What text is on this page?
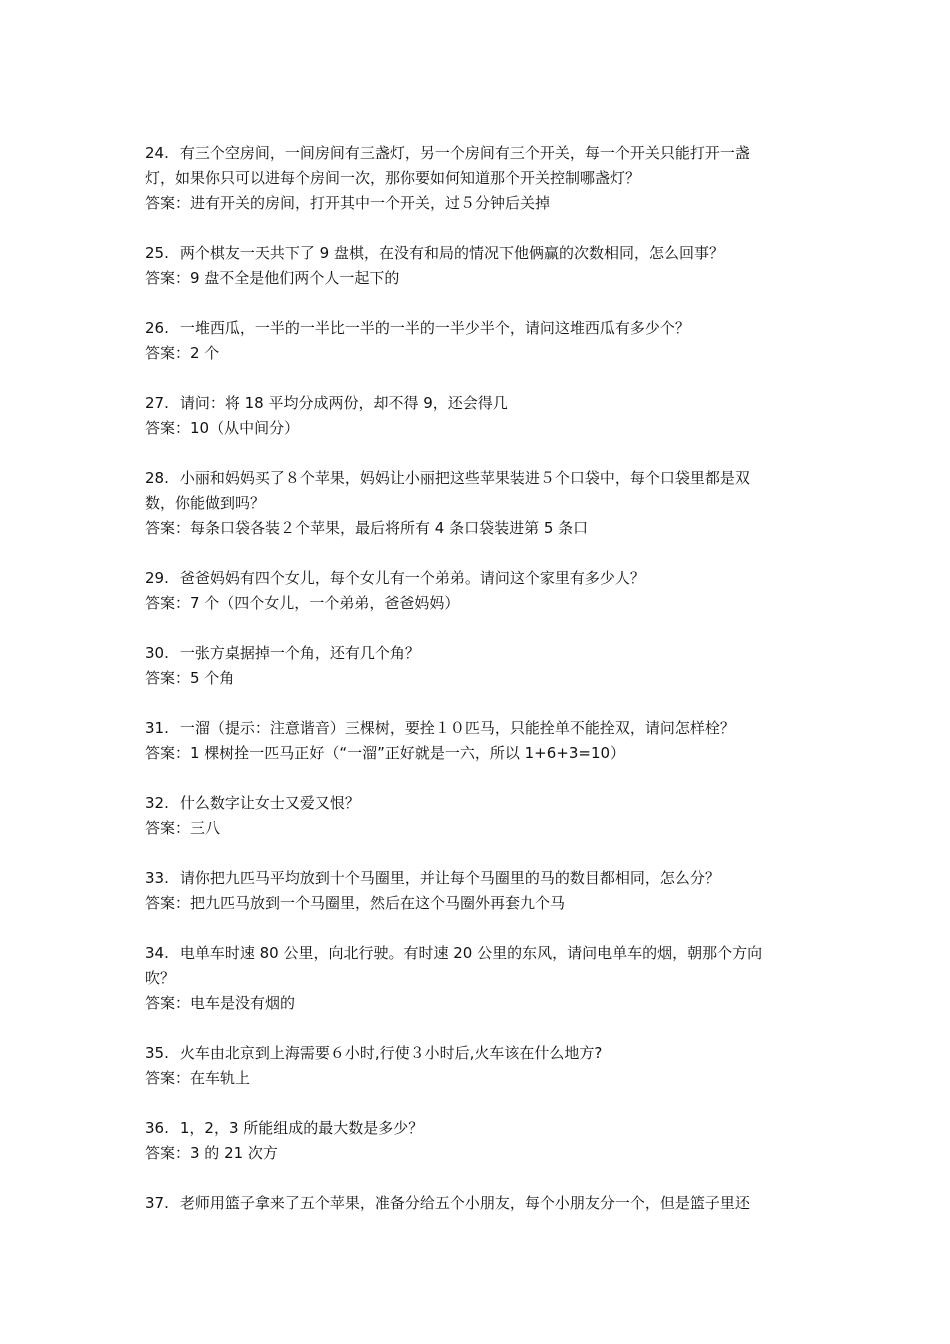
24. 有三个空房间，一间房间有三盏灯，另一个房间有三个开关，每一个开关只能打开一盏
灯，如果你只可以进每个房间一次，那你要如何知道那个开关控制哪盏灯？
答案：进有开关的房间，打开其中一个开关，过５分钟后关掉
25. 两个棋友一天共下了 9 盘棋，在没有和局的情况下他俩赢的次数相同，怎么回事？
答案：9 盘不全是他们两个人一起下的
26. 一堆西瓜，一半的一半比一半的一半的一半少半个，请问这堆西瓜有多少个？
答案：2 个
27. 请问：将 18 平均分成两份，却不得 9，还会得几
答案：10（从中间分）
28. 小丽和妈妈买了８个苹果，妈妈让小丽把这些苹果装进５个口袋中，每个口袋里都是双
数，你能做到吗？
答案：每条口袋各装２个苹果，最后将所有 4 条口袋装进第 5 条口
29. 爸爸妈妈有四个女儿，每个女儿有一个弟弟。请问这个家里有多少人？
答案：7 个（四个女儿，一个弟弟，爸爸妈妈）
30. 一张方桌据掉一个角，还有几个角？
答案：5 个角
31. 一溜（提示：注意谐音）三棵树，要拴１０匹马，只能拴单不能拴双，请问怎样栓？
答案：1 棵树拴一匹马正好（“一溜”正好就是一六，所以 1+6+3=10）
32. 什么数字让女士又爱又恨？
答案：三八
33. 请你把九匹马平均放到十个马圈里，并让每个马圈里的马的数目都相同，怎么分？
答案：把九匹马放到一个马圈里，然后在这个马圈外再套九个马
34. 电单车时速 80 公里，向北行驶。有时速 20 公里的东风，请问电单车的烟，朝那个方向
吹？
答案：电车是没有烟的
35. 火车由北京到上海需要６小时,行使３小时后,火车该在什么地方?
答案：在车轨上
36. 1，2，3 所能组成的最大数是多少？
答案：3 的 21 次方
37. 老师用篮子拿来了五个苹果，准备分给五个小朋友，每个小朋友分一个，但是篮子里还
